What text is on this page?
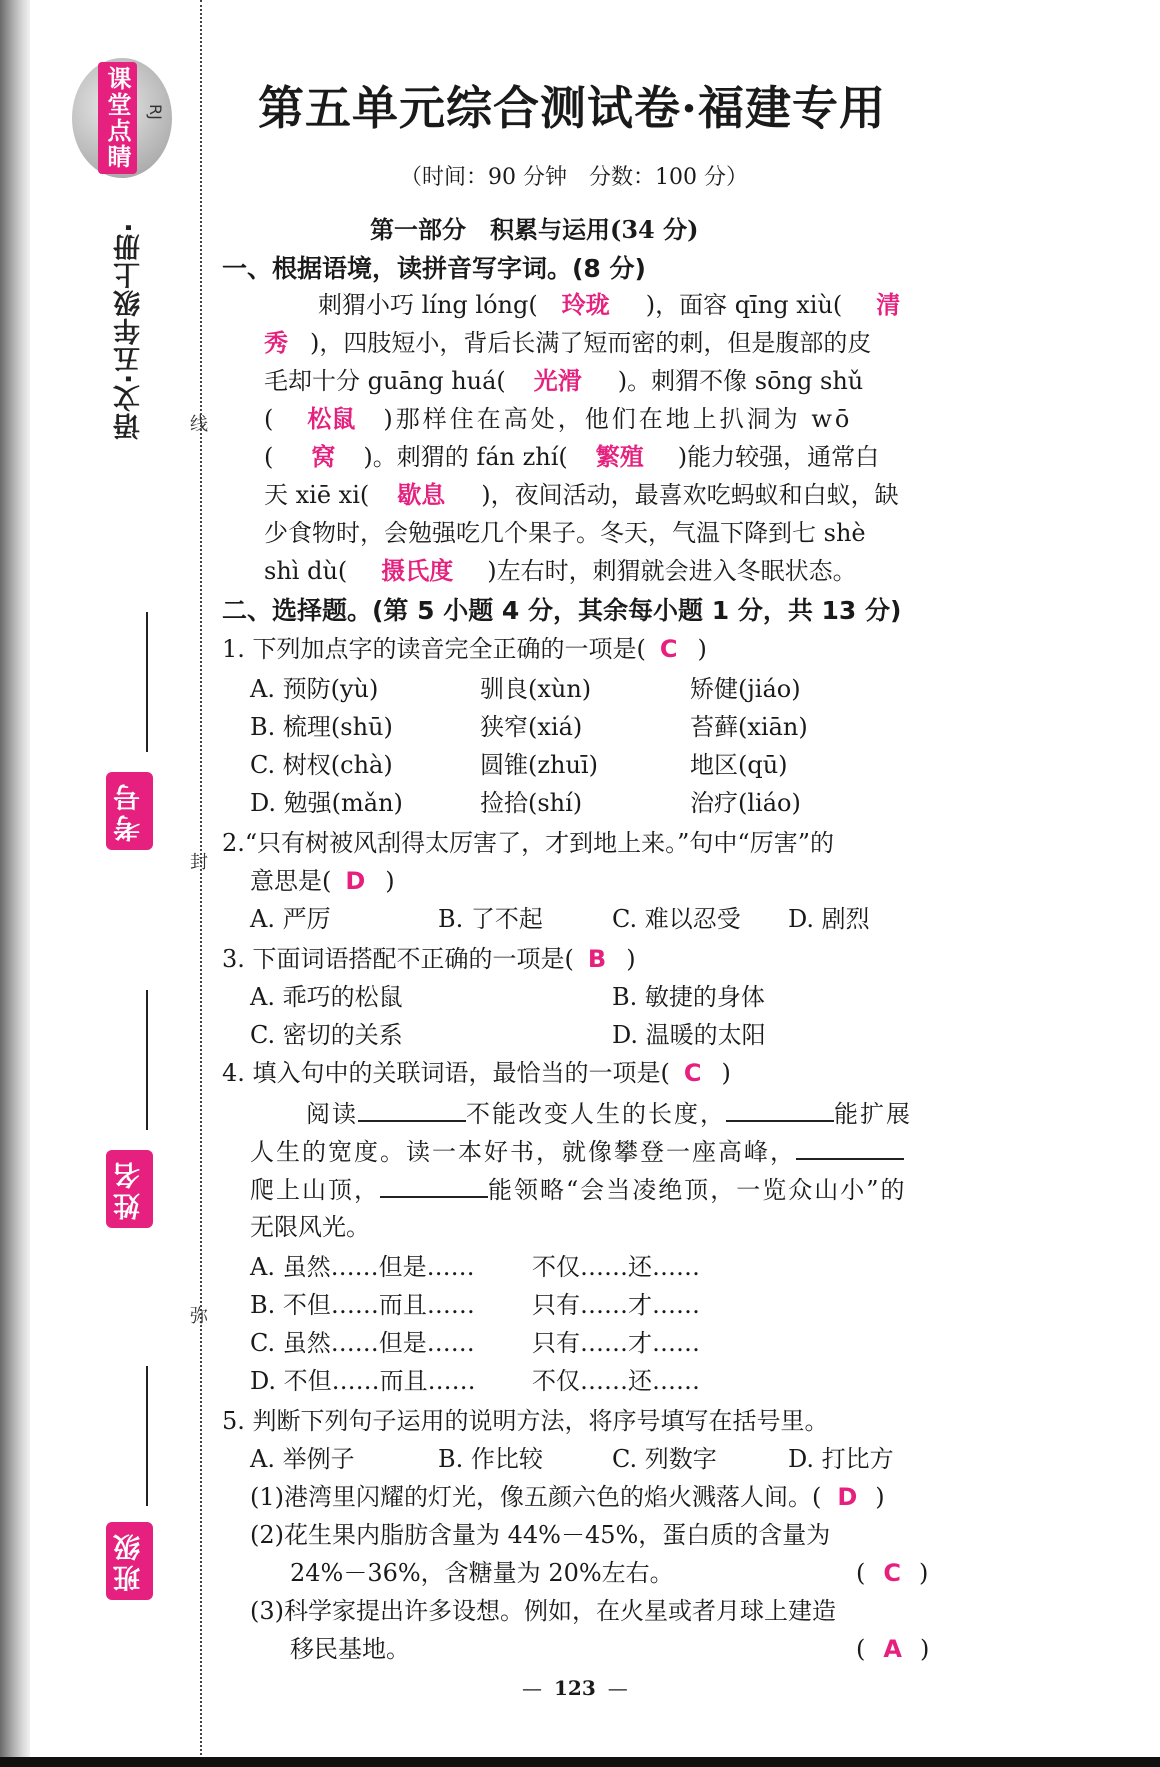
线
封
弥
课堂点睛 RJ
语文·五年级上册·
考号
姓名
班级
第五单元综合测试卷·福建专用
（时间：90 分钟　分数：100 分）
第一部分　积累与运用(34 分)
一、根据语境，读拼音写字词。(8 分)
刺猬小巧 líng lóng( 玲珑 )，面容 qīng xiù( 清
秀 )，四肢短小，背后长满了短而密的刺，但是腹部的皮
毛却十分 guāng huá( 光滑 )。刺猬不像 sōng shǔ
( 松鼠 )那样住在高处，他们在地上扒洞为 wō
( 窝 )。刺猬的 fán zhí( 繁殖 )能力较强，通常白
天 xiē xi( 歇息 )，夜间活动，最喜欢吃蚂蚁和白蚁，缺
少食物时，会勉强吃几个果子。冬天，气温下降到七 shè
shì dù( 摄氏度 )左右时，刺猬就会进入冬眠状态。
二、选择题。(第 5 小题 4 分，其余每小题 1 分，共 13 分)
1. 下列加点字的读音完全正确的一项是( C )
A. 预防(yù)	驯良(xùn)	矫健(jiáo)
B. 梳理(shū)	狭窄(xiá)	苔藓(xiān)
C. 树杈(chà)	圆锥(zhuī)	地区(qū)
D. 勉强(mǎn)	捡拾(shí)	治疗(liáo)
2.“只有树被风刮得太厉害了，才到地上来。”句中“厉害”的
意思是( D )
A. 严厉	B. 了不起	C. 难以忍受 D. 剧烈
3. 下面词语搭配不正确的一项是( B )
A. 乖巧的松鼠	B. 敏捷的身体
C. 密切的关系	D. 温暖的太阳
4. 填入句中的关联词语，最恰当的一项是( C )
阅读	不能改变人生的长度，	能扩展
人生的宽度。读一本好书，就像攀登一座高峰，
爬上山顶，	能领略“会当凌绝顶，一览众山小”的
无限风光。
A. 虽然……但是…… 不仅……还……
B. 不但……而且…… 只有……才……
C. 虽然……但是…… 只有……才……
D. 不但……而且…… 不仅……还……
5. 判断下列句子运用的说明方法，将序号填写在括号里。
A. 举例子	B. 作比较	C. 列数字	D. 打比方
(1)港湾里闪耀的灯光，像五颜六色的焰火溅落人间。( D )
(2)花生果内脂肪含量为 44%－45%，蛋白质的含量为
24%－36%，含糖量为 20%左右。	( C )
(3)科学家提出许多设想。例如，在火星或者月球上建造
移民基地。	( A )
— 123 —
